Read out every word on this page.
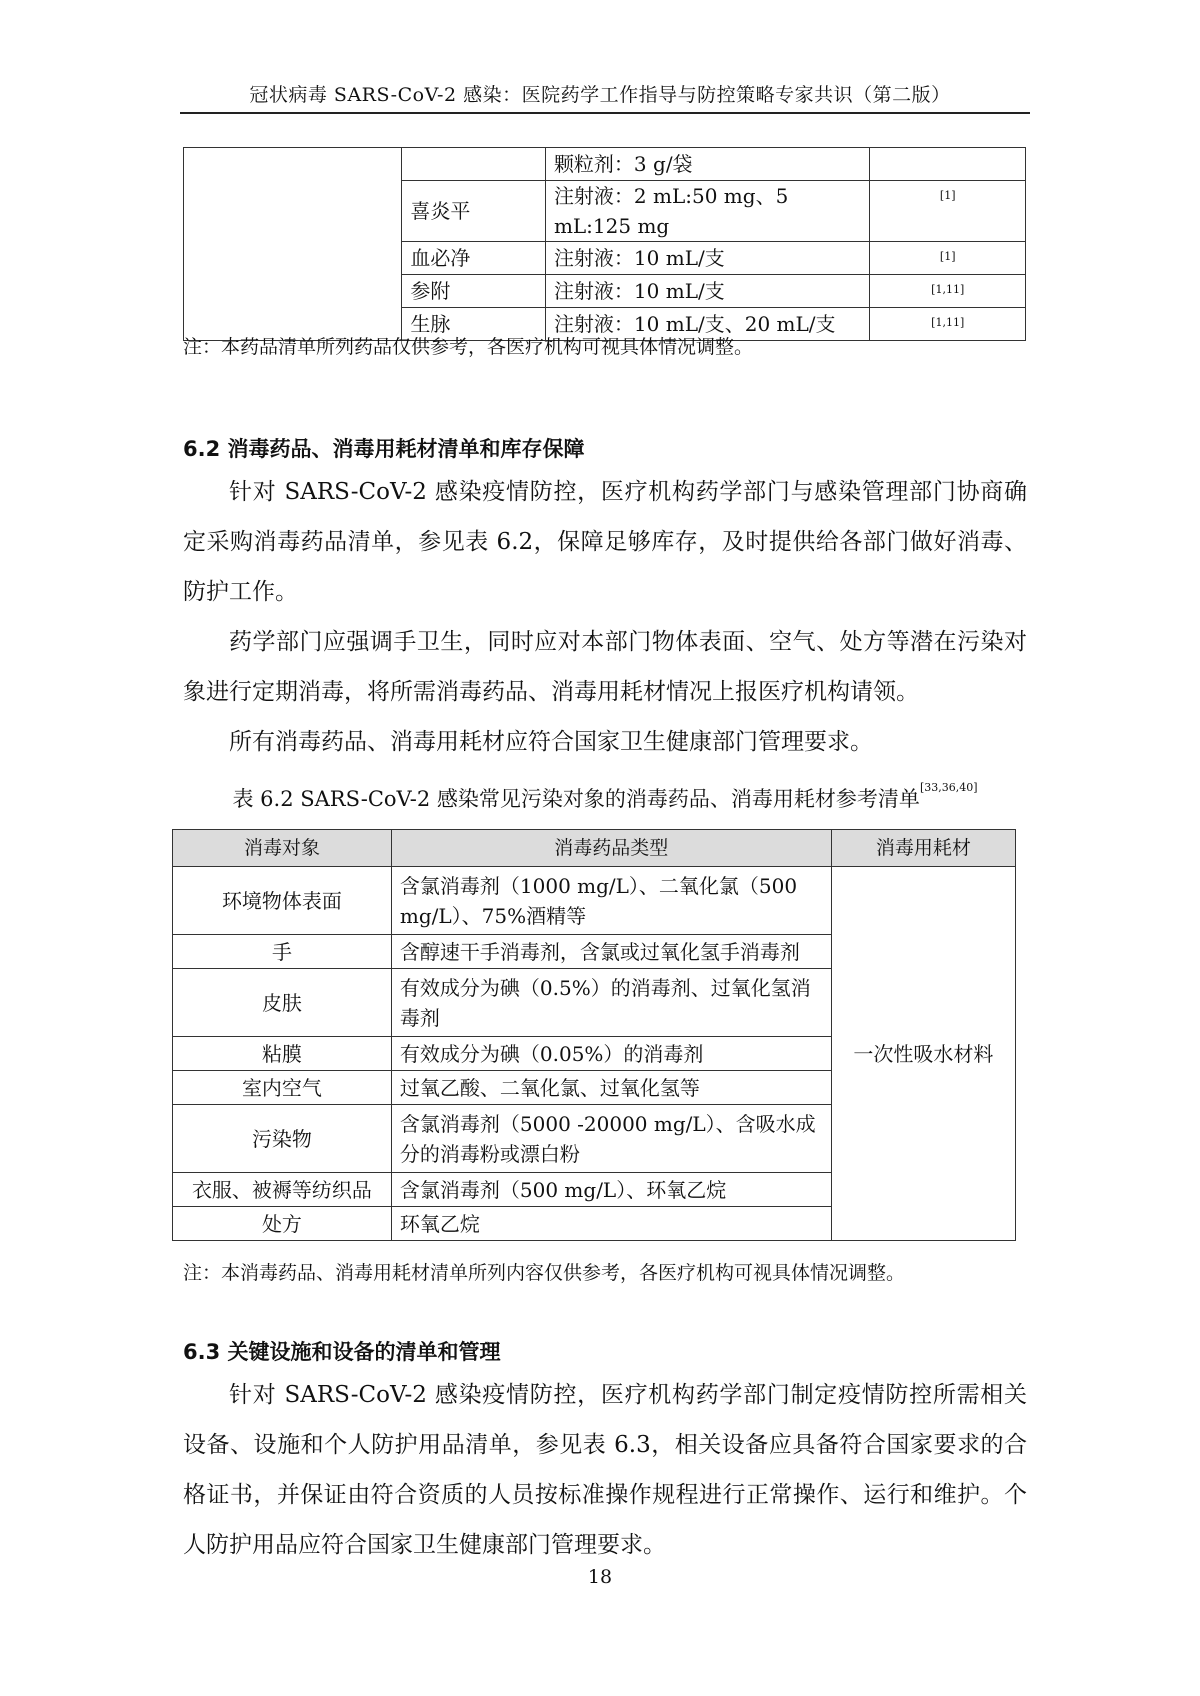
冠状病毒 SARS-CoV-2 感染：医院药学工作指导与防控策略专家共识（第二版）
		颗粒剂：3 g/袋	
	喜炎平	注射液：2 mL:50 mg、5 mL:125 mg	[1]
	血必净	注射液：10 mL/支	[1]
	参附	注射液：10 mL/支	[1,11]
	生脉	注射液：10 mL/支、20 mL/支	[1,11]
注：本药品清单所列药品仅供参考，各医疗机构可视具体情况调整。
6.2 消毒药品、消毒用耗材清单和库存保障
针对 SARS-CoV-2 感染疫情防控，医疗机构药学部门与感染管理部门协商确定采购消毒药品清单，参见表 6.2，保障足够库存，及时提供给各部门做好消毒、防护工作。
药学部门应强调手卫生，同时应对本部门物体表面、空气、处方等潜在污染对象进行定期消毒，将所需消毒药品、消毒用耗材情况上报医疗机构请领。
所有消毒药品、消毒用耗材应符合国家卫生健康部门管理要求。
表 6.2 SARS-CoV-2 感染常见污染对象的消毒药品、消毒用耗材参考清单[33,36,40]
消毒对象	消毒药品类型	消毒用耗材
环境物体表面	含氯消毒剂（1000 mg/L）、二氧化氯（500 mg/L）、75%酒精等	一次性吸水材料
手	含醇速干手消毒剂，含氯或过氧化氢手消毒剂	
皮肤	有效成分为碘（0.5%）的消毒剂、过氧化氢消毒剂	
粘膜	有效成分为碘（0.05%）的消毒剂	
室内空气	过氧乙酸、二氧化氯、过氧化氢等	
污染物	含氯消毒剂（5000 -20000 mg/L）、含吸水成分的消毒粉或漂白粉	
衣服、被褥等纺织品	含氯消毒剂（500 mg/L）、环氧乙烷	
处方	环氧乙烷	
注：本消毒药品、消毒用耗材清单所列内容仅供参考，各医疗机构可视具体情况调整。
6.3 关键设施和设备的清单和管理
针对 SARS-CoV-2 感染疫情防控，医疗机构药学部门制定疫情防控所需相关设备、设施和个人防护用品清单，参见表 6.3，相关设备应具备符合国家要求的合格证书，并保证由符合资质的人员按标准操作规程进行正常操作、运行和维护。个人防护用品应符合国家卫生健康部门管理要求。
18
